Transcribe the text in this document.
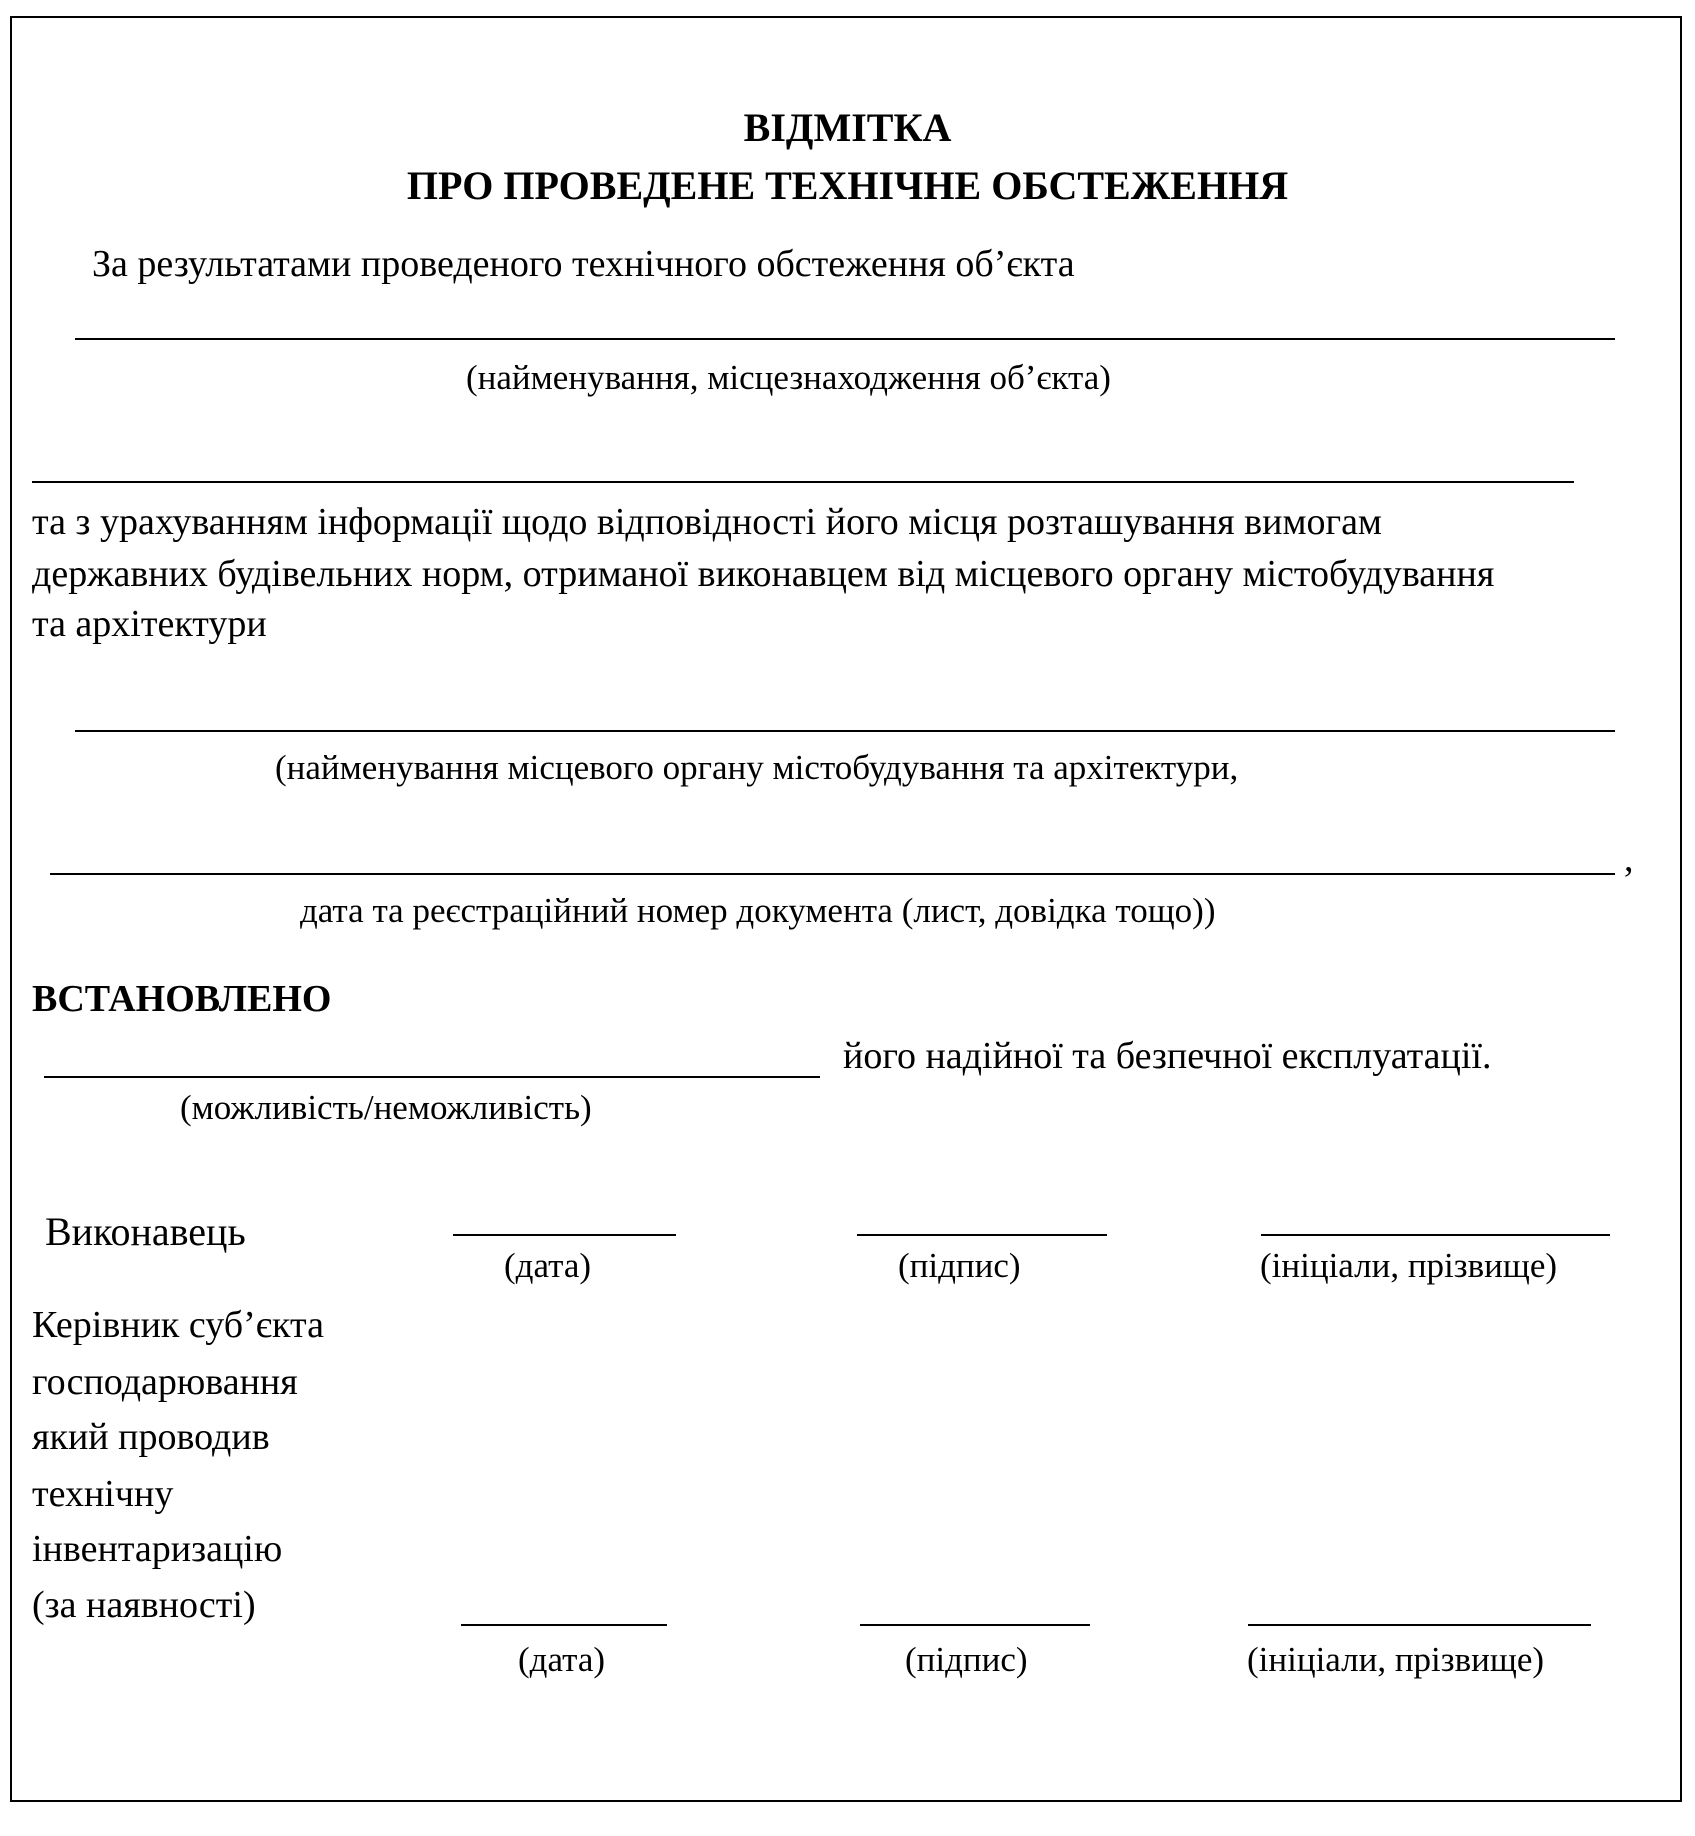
ВІДМІТКА
ПРО ПРОВЕДЕНЕ ТЕХНІЧНЕ ОБСТЕЖЕННЯ
За результатами проведеного технічного обстеження об’єкта
(найменування, місцезнаходження об’єкта)
та з урахуванням інформації щодо відповідності його місця розташування вимогам
державних будівельних норм, отриманої виконавцем від місцевого органу містобудування
та архітектури
(найменування місцевого органу містобудування та архітектури,
,
дата та реєстраційний номер документа (лист, довідка тощо))
ВСТАНОВЛЕНО
його надійної та безпечної експлуатації.
(можливість/неможливість)
Виконавець
(дата)	(підпис)	(ініціали, прізвище)
Керівник суб’єкта
господарювання
який проводив
технічну
інвентаризацію
(за наявності)
(дата)	(підпис)	(ініціали, прізвище)
